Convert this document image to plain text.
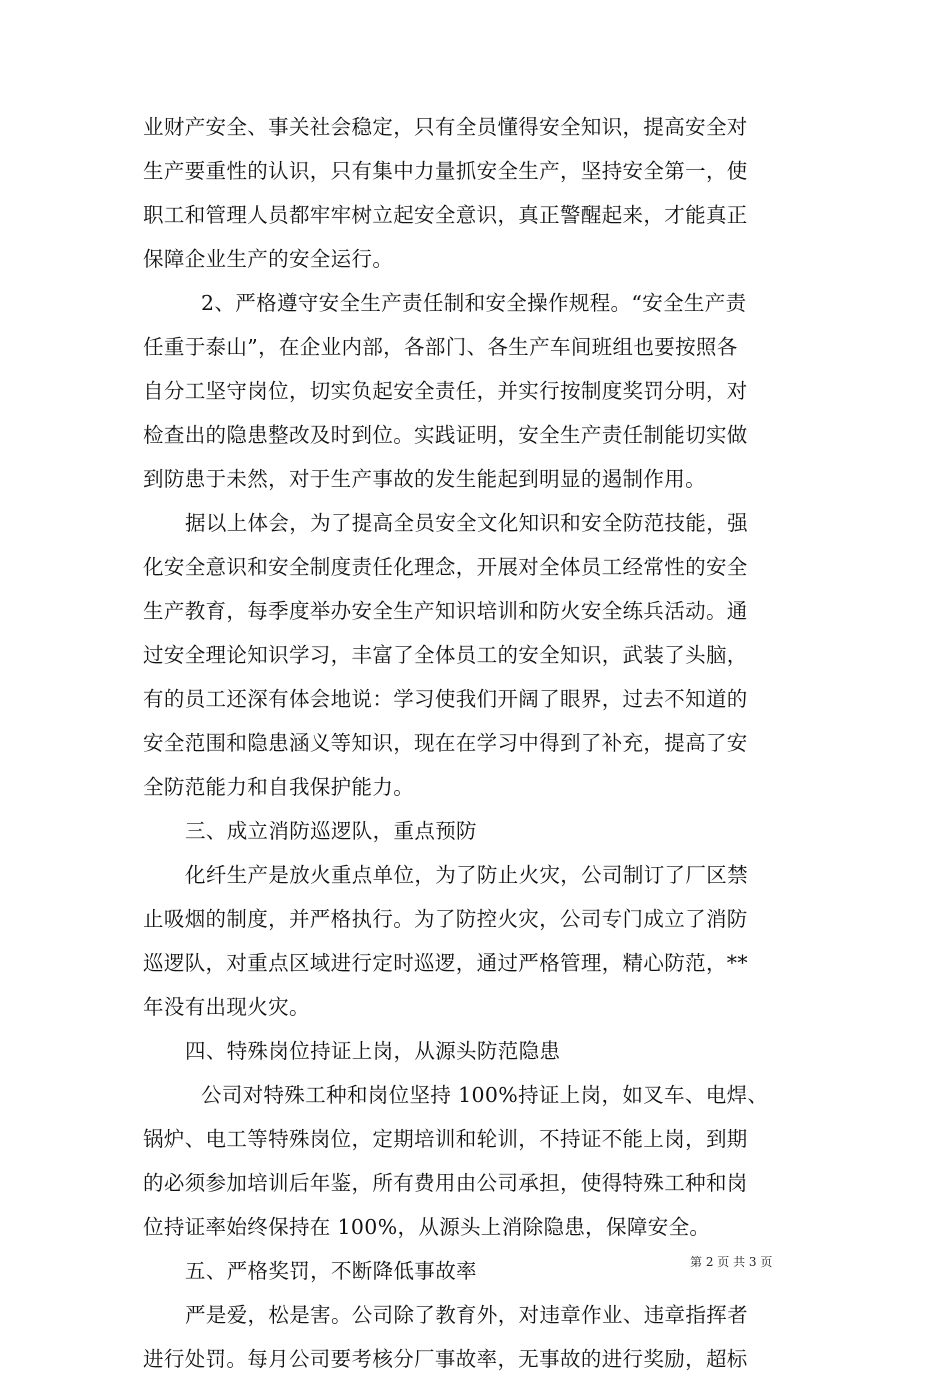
业财产安全、事关社会稳定，只有全员懂得安全知识，提高安全对
生产要重性的认识，只有集中力量抓安全生产，坚持安全第一，使
职工和管理人员都牢牢树立起安全意识，真正警醒起来，才能真正
保障企业生产的安全运行。
2、严格遵守安全生产责任制和安全操作规程。“安全生产责
任重于泰山”，在企业内部，各部门、各生产车间班组也要按照各
自分工坚守岗位，切实负起安全责任，并实行按制度奖罚分明，对
检查出的隐患整改及时到位。实践证明，安全生产责任制能切实做
到防患于未然，对于生产事故的发生能起到明显的遏制作用。
据以上体会，为了提高全员安全文化知识和安全防范技能，强
化安全意识和安全制度责任化理念，开展对全体员工经常性的安全
生产教育，每季度举办安全生产知识培训和防火安全练兵活动。通
过安全理论知识学习，丰富了全体员工的安全知识，武装了头脑，
有的员工还深有体会地说：学习使我们开阔了眼界，过去不知道的
安全范围和隐患涵义等知识，现在在学习中得到了补充，提高了安
全防范能力和自我保护能力。
三、成立消防巡逻队，重点预防
化纤生产是放火重点单位，为了防止火灾，公司制订了厂区禁
止吸烟的制度，并严格执行。为了防控火灾，公司专门成立了消防
巡逻队，对重点区域进行定时巡逻，通过严格管理，精心防范，**
年没有出现火灾。
四、特殊岗位持证上岗，从源头防范隐患
公司对特殊工种和岗位坚持 100%持证上岗，如叉车、电焊、
锅炉、电工等特殊岗位，定期培训和轮训，不持证不能上岗，到期
的必须参加培训后年鉴，所有费用由公司承担，使得特殊工种和岗
位持证率始终保持在 100%，从源头上消除隐患，保障安全。
五、严格奖罚，不断降低事故率
严是爱，松是害。公司除了教育外，对违章作业、违章指挥者
进行处罚。每月公司要考核分厂事故率，无事故的进行奖励，超标
第 2 页 共 3 页
